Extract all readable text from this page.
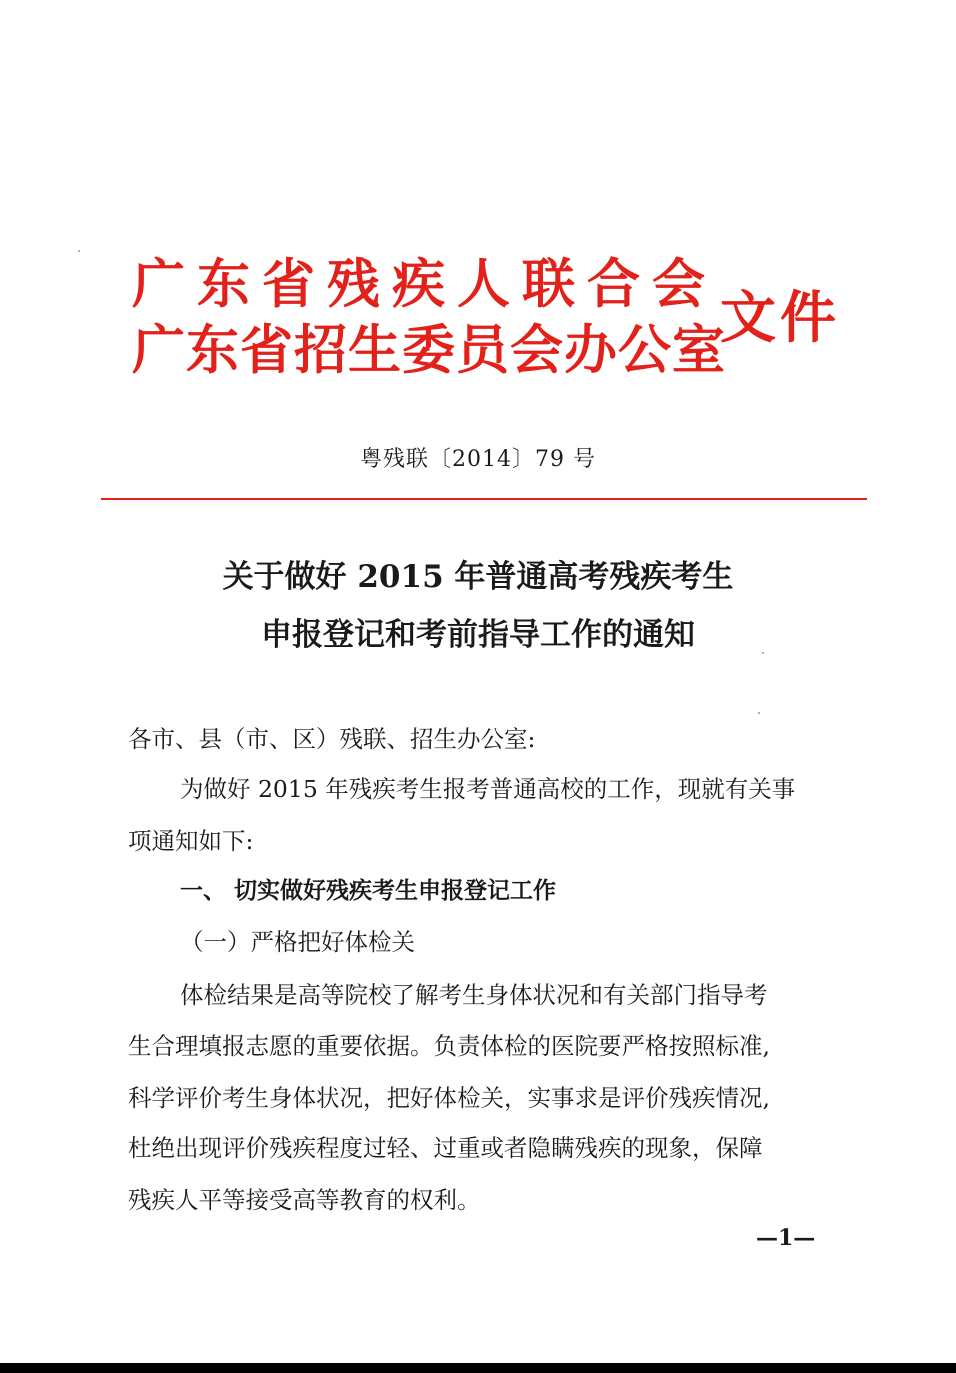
广东省残疾人联合会
广东省招生委员会办公室
文件
粤残联〔2014〕79 号
关于做好 2015 年普通高考残疾考生
申报登记和考前指导工作的通知
各市、县（市、区）残联、招生办公室:
为做好 2015 年残疾考生报考普通高校的工作，现就有关事
项通知如下:
一、 切实做好残疾考生申报登记工作
（一）严格把好体检关
体检结果是高等院校了解考生身体状况和有关部门指导考
生合理填报志愿的重要依据。负责体检的医院要严格按照标准,
科学评价考生身体状况，把好体检关，实事求是评价残疾情况,
杜绝出现评价残疾程度过轻、过重或者隐瞒残疾的现象，保障
残疾人平等接受高等教育的权利。
—1—
